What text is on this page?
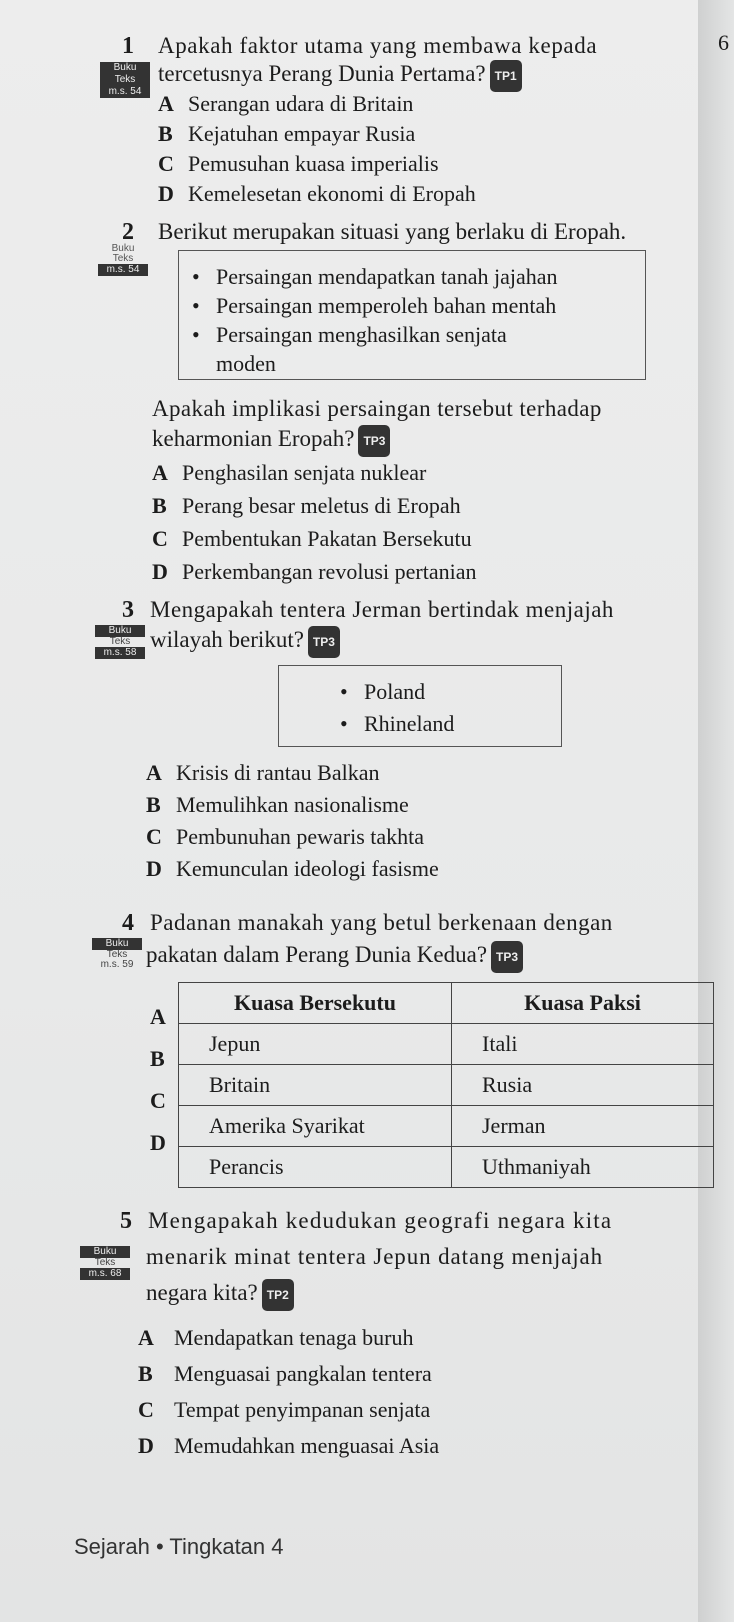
6
1 Apakah faktor utama yang membawa kepada
Buku
Teks
m.s. 54
tercetusnya Perang Dunia Pertama? TP1
A Serangan udara di Britain
B Kejatuhan empayar Rusia
C Pemusuhan kuasa imperialis
D Kemelesetan ekonomi di Eropah
2 Berikut merupakan situasi yang berlaku di Eropah.
Buku
Teks
m.s. 54	• Persaingan mendapatkan tanah jajahan
• Persaingan memperoleh bahan mentah
• Persaingan menghasilkan senjata
moden
Apakah implikasi persaingan tersebut terhadap
keharmonian Eropah? TP3
A Penghasilan senjata nuklear
B Perang besar meletus di Eropah
C Pembentukan Pakatan Bersekutu
D Perkembangan revolusi pertanian
3 Mengapakah tentera Jerman bertindak menjajah
Buku
Teks
m.s. 58
wilayah berikut? TP3
• Poland
• Rhineland
A Krisis di rantau Balkan
B Memulihkan nasionalisme
C Pembunuhan pewaris takhta
D Kemunculan ideologi fasisme
4 Padanan manakah yang betul berkenaan dengan
Buku
Teks
m.s. 59 pakatan dalam Perang Dunia Kedua? TP3
A
B
C
D
Kuasa Bersekutu	Kuasa Paksi
Jepun	Itali
Britain	Rusia
Amerika Syarikat	Jerman
Perancis	Uthmaniyah
5 Mengapakah kedudukan geografi negara kita
Buku
Teks
m.s. 68
menarik minat tentera Jepun datang menjajah
negara kita? TP2
A Mendapatkan tenaga buruh
B Menguasai pangkalan tentera
C Tempat penyimpanan senjata
D Memudahkan menguasai Asia
Sejarah • Tingkatan 4
